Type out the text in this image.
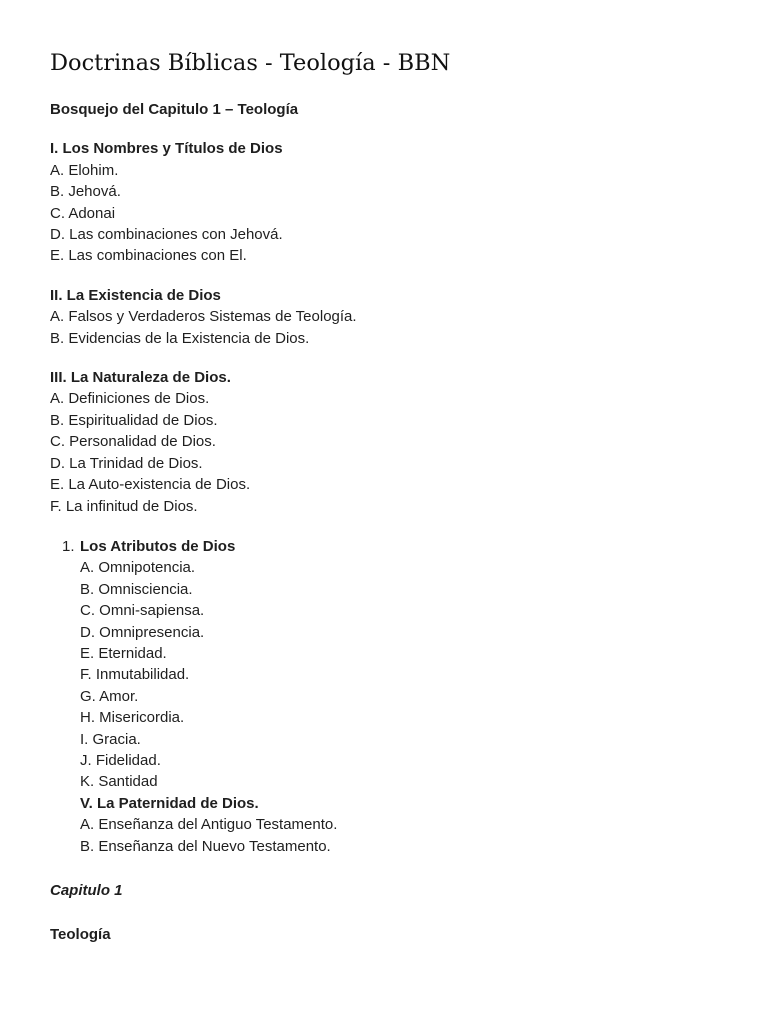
Doctrinas Bíblicas - Teología - BBN
Bosquejo del Capitulo 1 – Teología
I. Los Nombres y Títulos de Dios
A. Elohim.
B. Jehová.
C. Adonai
D. Las combinaciones con Jehová.
E. Las combinaciones con El.
II. La Existencia de Dios
A. Falsos y Verdaderos Sistemas de Teología.
B. Evidencias de la Existencia de Dios.
III. La Naturaleza de Dios.
A. Definiciones de Dios.
B. Espiritualidad de Dios.
C. Personalidad de Dios.
D. La Trinidad de Dios.
E. La Auto-existencia de Dios.
F. La infinitud de Dios.
1. Los Atributos de Dios
A. Omnipotencia.
B. Omnisciencia.
C. Omni-sapiensa.
D. Omnipresencia.
E. Eternidad.
F. Inmutabilidad.
G. Amor.
H. Misericordia.
I. Gracia.
J. Fidelidad.
K. Santidad
V. La Paternidad de Dios.
A. Enseñanza del Antiguo Testamento.
B. Enseñanza del Nuevo Testamento.
Capitulo 1
Teología
